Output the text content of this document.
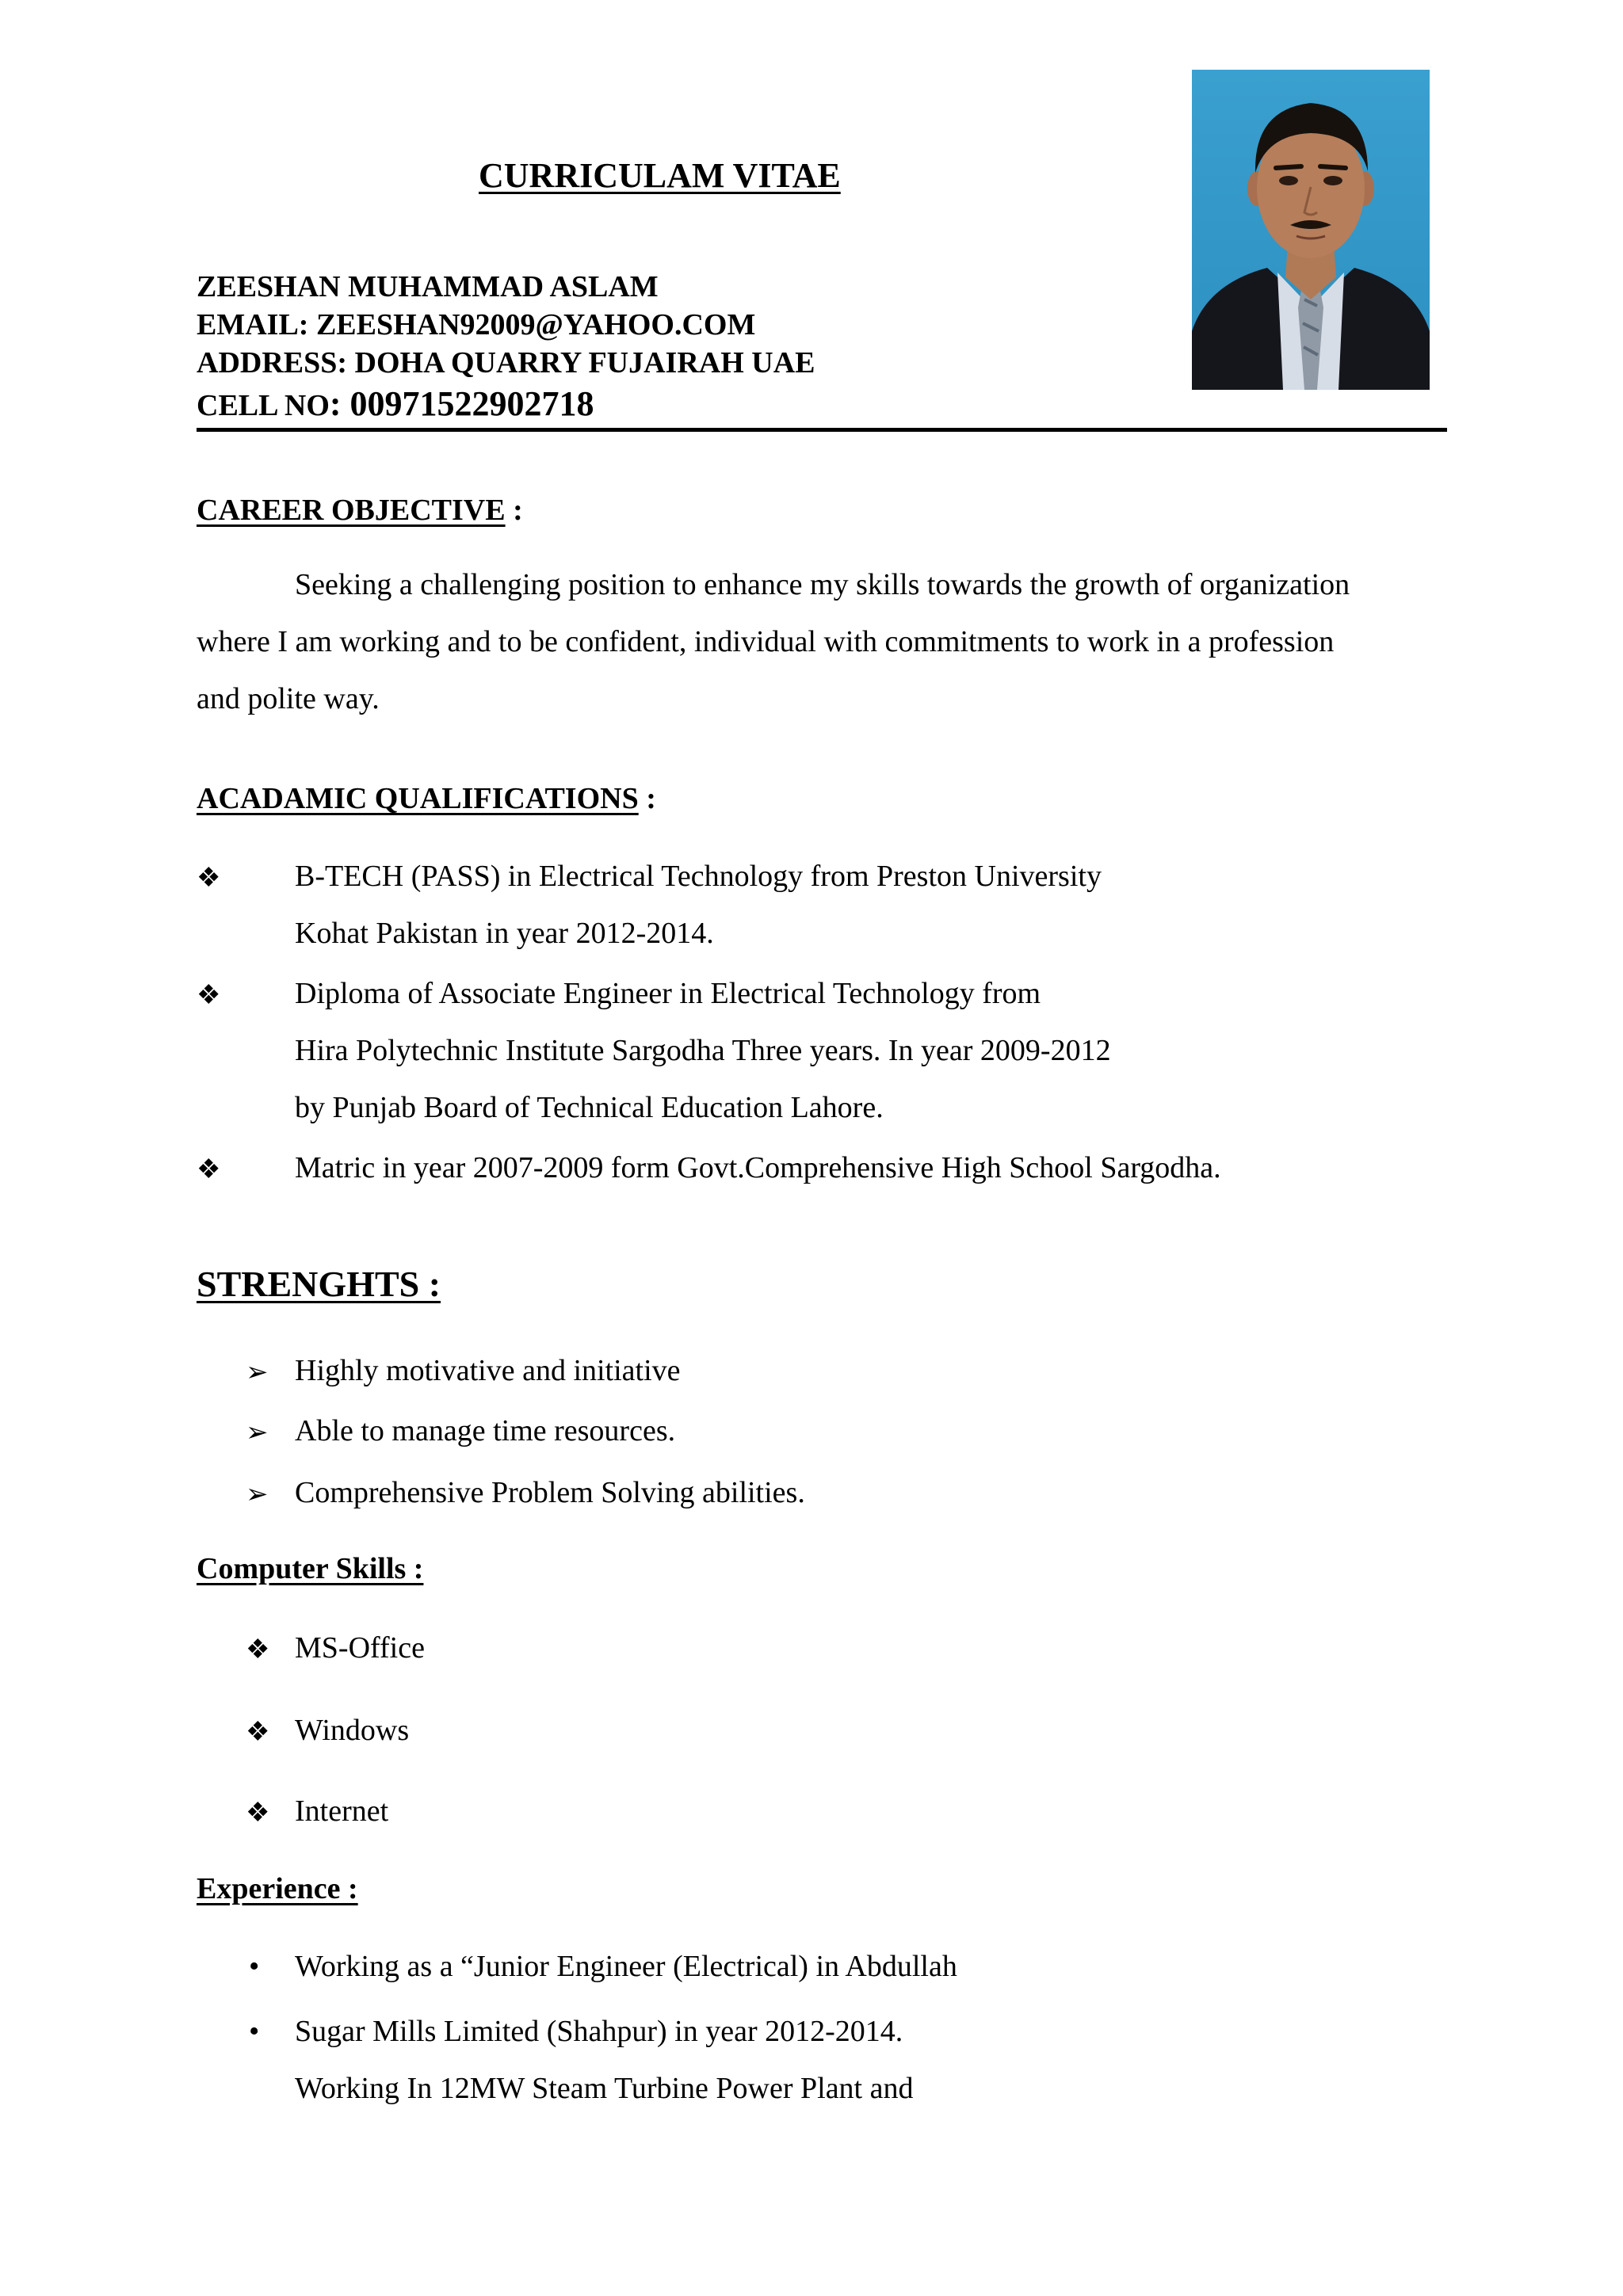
CURRICULAM VITAE
ZEESHAN MUHAMMAD ASLAM
EMAIL: ZEESHAN92009@YAHOO.COM
ADDRESS: DOHA QUARRY FUJAIRAH UAE
CELL NO: 00971522902718
CAREER OBJECTIVE :
Seeking a challenging position to enhance my skills towards the growth of organization
where I am working and to be confident, individual with commitments to work in a profession
and polite way.
ACADAMIC QUALIFICATIONS :
❖ B-TECH (PASS) in Electrical Technology from Preston University
Kohat Pakistan in year 2012-2014.
❖ Diploma of Associate Engineer in Electrical Technology from
Hira Polytechnic Institute Sargodha Three years. In year 2009-2012
by Punjab Board of Technical Education Lahore.
❖ Matric in year 2007-2009 form Govt.Comprehensive High School Sargodha.
STRENGHTS :
➢ Highly motivative and initiative
➢ Able to manage time resources.
➢ Comprehensive Problem Solving abilities.
Computer Skills :
❖ MS-Office
❖ Windows
❖ Internet
Experience :
• Working as a “Junior Engineer (Electrical) in Abdullah
• Sugar Mills Limited (Shahpur) in year 2012-2014.
Working In 12MW Steam Turbine Power Plant and
